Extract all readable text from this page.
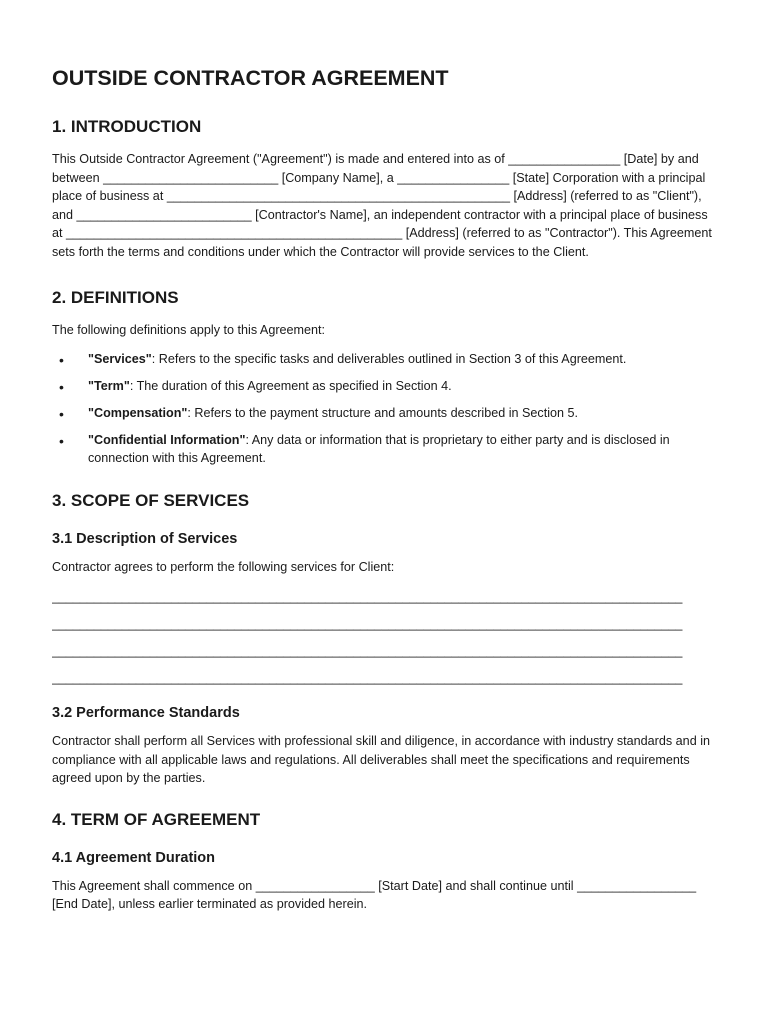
OUTSIDE CONTRACTOR AGREEMENT
1. INTRODUCTION

This Outside Contractor Agreement ("Agreement") is made and entered into as of ________________ [Date] by and between _________________________ [Company Name], a ________________ [State] Corporation with a principal place of business at _________________________________________________ [Address] (referred to as "Client"), and _________________________ [Contractor's Name], an independent contractor with a principal place of business at ________________________________________________ [Address] (referred to as "Contractor"). This Agreement sets forth the terms and conditions under which the Contractor will provide services to the Client.

2. DEFINITIONS

The following definitions apply to this Agreement:

• "Services": Refers to the specific tasks and deliverables outlined in Section 3 of this Agreement.
• "Term": The duration of this Agreement as specified in Section 4.
• "Compensation": Refers to the payment structure and amounts described in Section 5.
• "Confidential Information": Any data or information that is proprietary to either party and is disclosed in connection with this Agreement.
3. SCOPE OF SERVICES
3.1 Description of Services

Contractor agrees to perform the following services for Client:

__________________________________________________________________________________________

__________________________________________________________________________________________

__________________________________________________________________________________________

__________________________________________________________________________________________

3.2 Performance Standards

Contractor shall perform all Services with professional skill and diligence, in accordance with industry standards and in compliance with all applicable laws and regulations. All deliverables shall meet the specifications and requirements agreed upon by the parties.

4. TERM OF AGREEMENT
4.1 Agreement Duration

This Agreement shall commence on _________________ [Start Date] and shall continue until _________________ [End Date], unless earlier terminated as provided herein.
